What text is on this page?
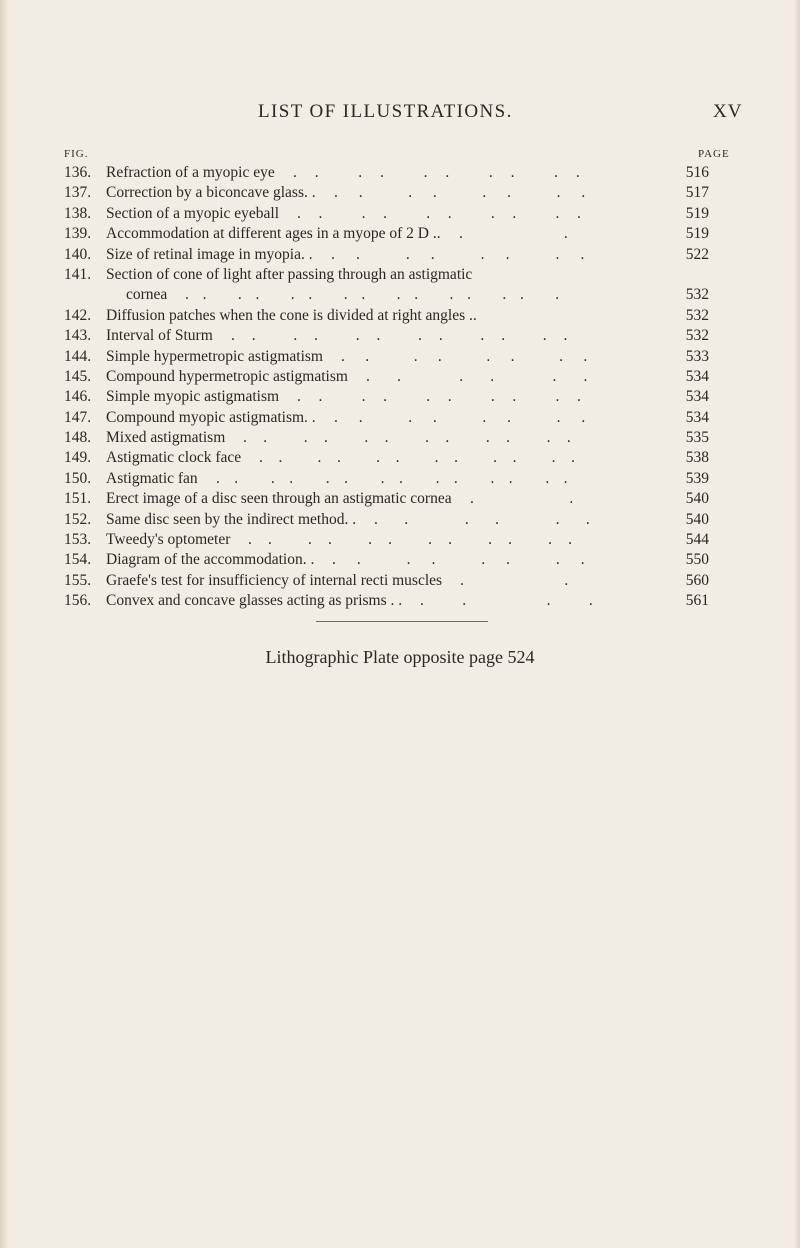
LIST OF ILLUSTRATIONS.	XV
FIG.	PAGE
136. Refraction of a myopic eye .. .. .. .. ..	516
137. Correction by a biconcave glass. . .. .. .. ..	517
138. Section of a myopic eyeball .. .. .. .. ..	519
139. Accommodation at different ages in a myope of 2 D .. .. 519
140. Size of retinal image in myopia. . .. .. .. ..	522
141. Section of cone of light after passing through an astigmatic
cornea .. .. .. .. .. .. .. .	532
142. Diffusion patches when the cone is divided at right angles ..	532
143. Interval of Sturm .. .. .. .. .. ..	532
144. Simple hypermetropic astigmatism .. .. .. ..	533
145. Compound hypermetropic astigmatism .. .. ..	534
146. Simple myopic astigmatism .. .. .. .. ..	534
147. Compound myopic astigmatism. . .. .. .. ..	534
148. Mixed astigmatism .. .. .. .. .. ..	535
149. Astigmatic clock face .. .. .. .. .. ..	538
150. Astigmatic fan .. .. .. .. .. .. ..	539
151. Erect image of a disc seen through an astigmatic cornea .. 540
152. Same disc seen by the indirect method. . .. .. ..	540
153. Tweedy's optometer .. .. .. .. .. ..	544
154. Diagram of the accommodation. . .. .. .. ..	550
155. Graefe's test for insufficiency of internal recti muscles .. 560
156. Convex and concave glasses acting as prisms . . .. ..	561
Lithographic Plate opposite page 524
